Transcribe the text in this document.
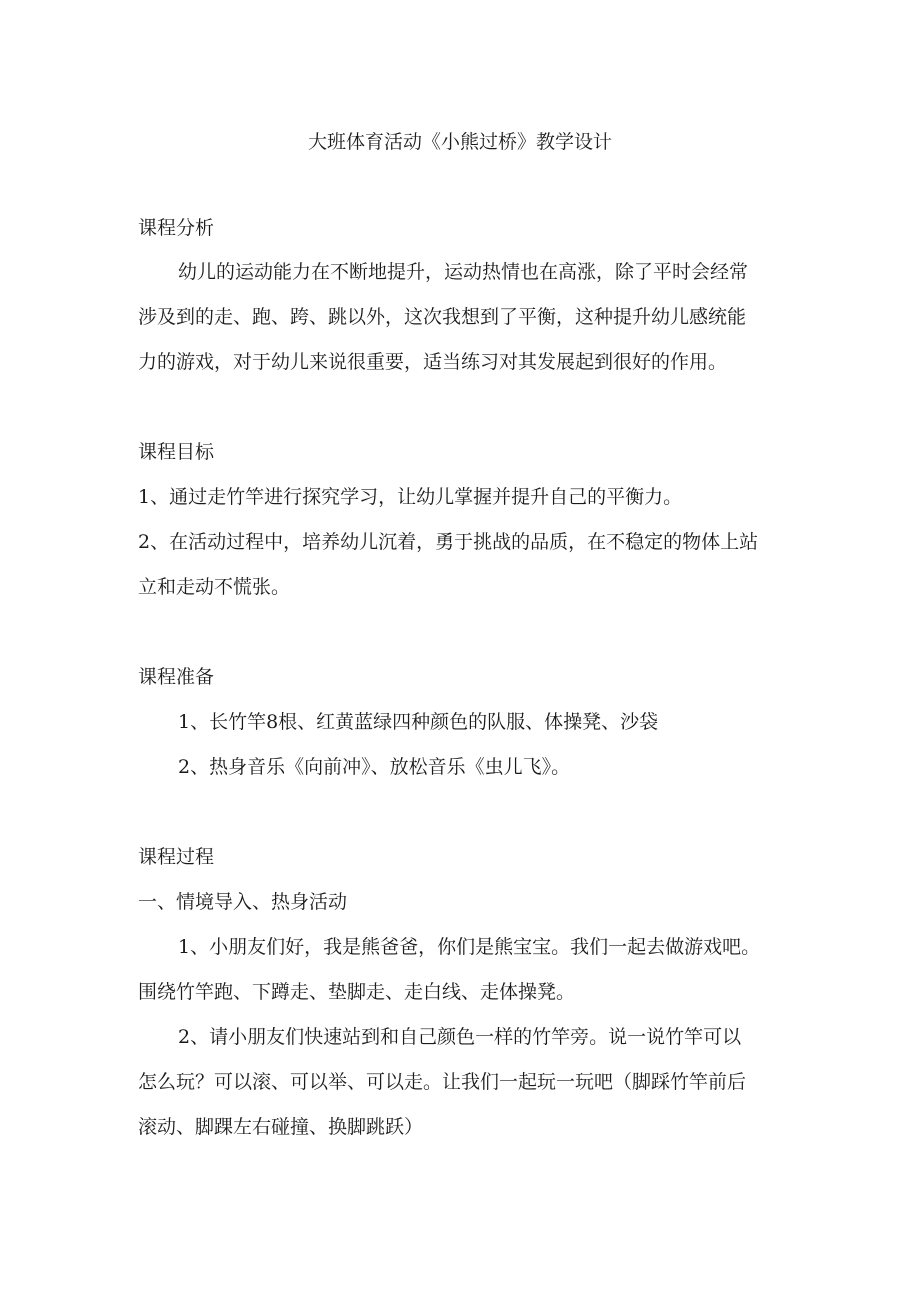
大班体育活动《小熊过桥》教学设计
课程分析
幼儿的运动能力在不断地提升，运动热情也在高涨，除了平时会经常
涉及到的走、跑、跨、跳以外，这次我想到了平衡，这种提升幼儿感统能
力的游戏，对于幼儿来说很重要，适当练习对其发展起到很好的作用。
课程目标
1、通过走竹竿进行探究学习，让幼儿掌握并提升自己的平衡力。
2、在活动过程中，培养幼儿沉着，勇于挑战的品质，在不稳定的物体上站
立和走动不慌张。
课程准备
1、长竹竿8根、红黄蓝绿四种颜色的队服、体操凳、沙袋
2、热身音乐《向前冲》、放松音乐《虫儿飞》。
课程过程
一、情境导入、热身活动
1、小朋友们好，我是熊爸爸，你们是熊宝宝。我们一起去做游戏吧。
围绕竹竿跑、下蹲走、垫脚走、走白线、走体操凳。
2、请小朋友们快速站到和自己颜色一样的竹竿旁。说一说竹竿可以
怎么玩？可以滚、可以举、可以走。让我们一起玩一玩吧（脚踩竹竿前后
滚动、脚踝左右碰撞、换脚跳跃）
